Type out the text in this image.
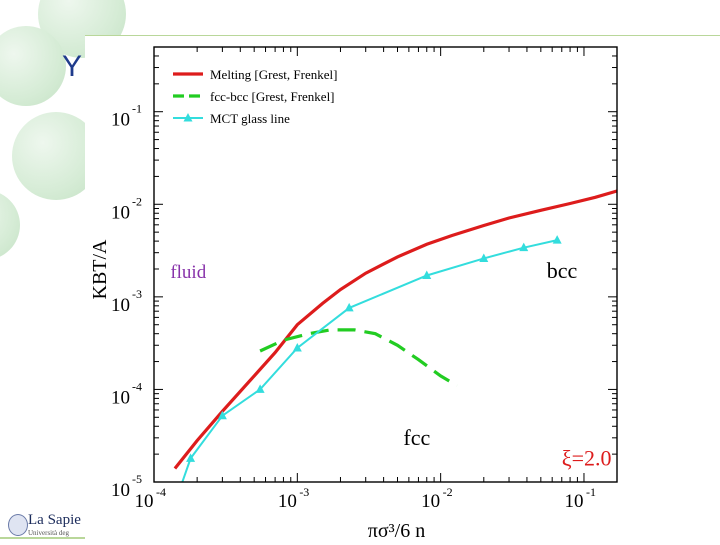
Y
La Sapie
Università deg
10 -4	10 -3	10 -2	10 -1
10
-5
10
-4
10
-3
10
-2
10
-1
Melting [Grest, Frenkel]
fcc-bcc [Grest, Frenkel]
MCT glass line
πσ³/6 n
KBT/A	fluid	bcc
fcc
ξ=2.0
